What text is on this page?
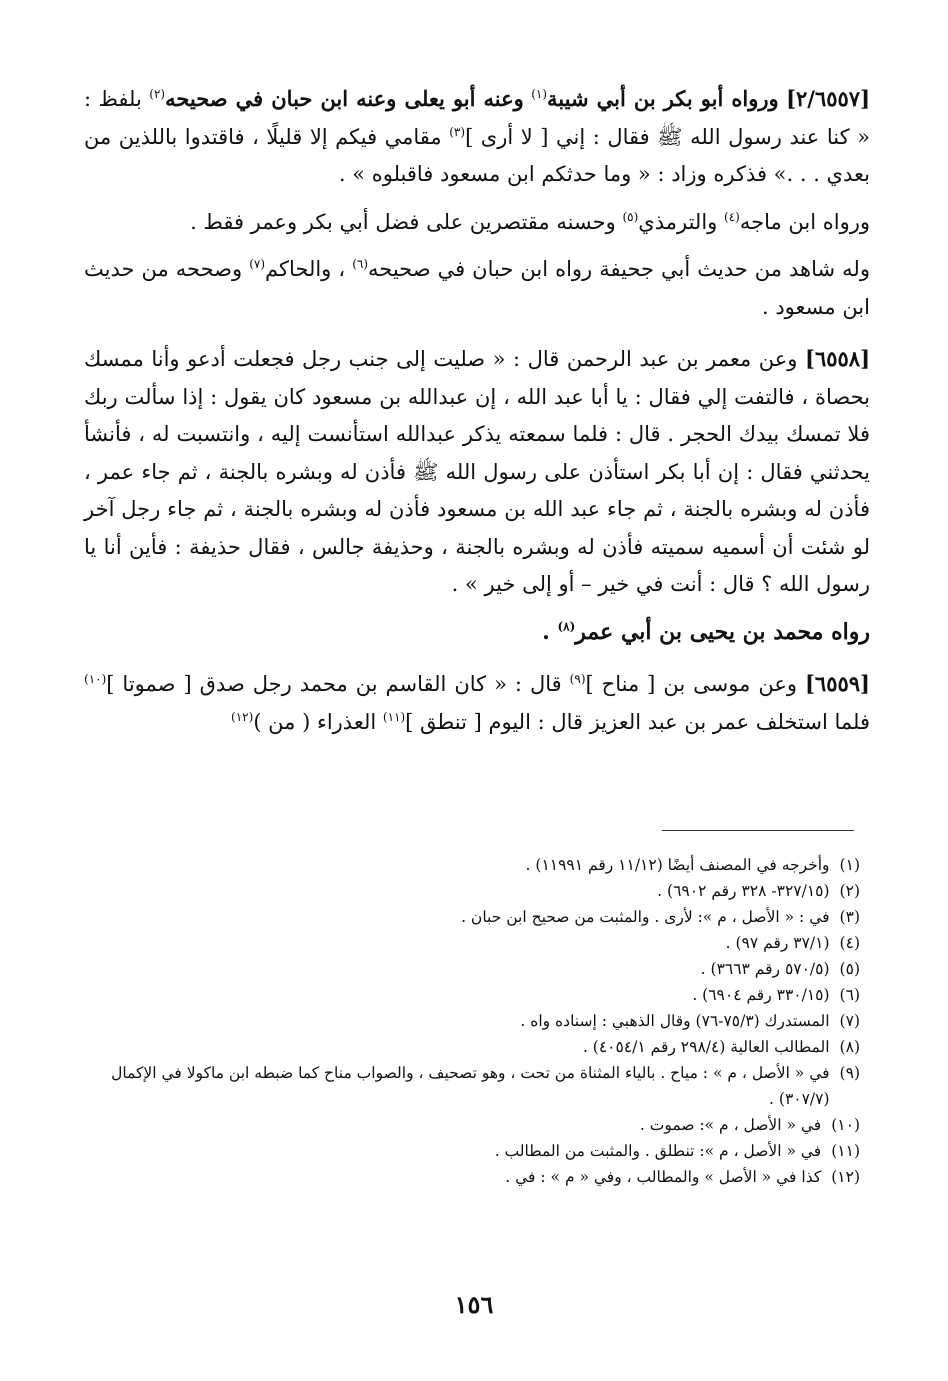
[٢/٦٥٥٧] ورواه أبو بكر بن أبي شيبة$^{(١)}$ وعنه أبو يعلى وعنه ابن حبان في صحيحه$^{(٢)}$ بلفظ : « كنا عند رسول الله ﷺ فقال : إني [ لا أرى ]$^{(٣)}$ مقامي فيكم إلا قليلًا ، فاقتدوا باللذين من بعدي . . .» فذكره وزاد : « وما حدثكم ابن مسعود فاقبلوه » .

ورواه ابن ماجه$^{(٤)}$ والترمذي$^{(٥)}$ وحسنه مقتصرين على فضل أبي بكر وعمر فقط .

وله شاهد من حديث أبي جحيفة رواه ابن حبان في صحيحه$^{(٦)}$ ، والحاكم$^{(٧)}$ وصححه من حديث ابن مسعود .

[٦٥٥٨] وعن معمر بن عبد الرحمن قال : « صليت إلى جنب رجل فجعلت أدعو وأنا ممسك بحصاة ، فالتفت إلي فقال : يا أبا عبد الله ، إن عبدالله بن مسعود كان يقول : إذا سألت ربك فلا تمسك بيدك الحجر . قال : فلما سمعته يذكر عبدالله استأنست إليه ، وانتسبت له ، فأنشأ يحدثني فقال : إن أبا بكر استأذن على رسول الله ﷺ فأذن له وبشره بالجنة ، ثم جاء عمر ، فأذن له وبشره بالجنة ، ثم جاء عبد الله بن مسعود فأذن له وبشره بالجنة ، ثم جاء رجل آخر لو شئت أن أسميه سميته فأذن له وبشره بالجنة ، وحذيفة جالس ، فقال حذيفة : فأين أنا يا رسول الله ؟ قال : أنت في خير – أو إلى خير » .

رواه محمد بن يحيى بن أبي عمر$^{(٨)}$ .

[٦٥٥٩] وعن موسى بن [ مناح ]$^{(٩)}$ قال : « كان القاسم بن محمد رجل صدق [ صموتا ]$^{(١٠)}$ فلما استخلف عمر بن عبد العزيز قال : اليوم [ تنطق ]$^{(١١)}$ العذراء ( من )$^{(١٢)}$

(١)
وأخرجه في المصنف أيضًا (١١/١٢ رقم ١١٩٩١) .
(٢)
(٣٢٧/١٥- ٣٢٨ رقم ٦٩٠٢) .
(٣)
في : « الأصل ، م »: لأرى . والمثبت من صحيح ابن حبان .
(٤)
(٣٧/١ رقم ٩٧) .
(٥)
(٥٧٠/٥ رقم ٣٦٦٣) .
(٦)
(٣٣٠/١٥ رقم ٦٩٠٤) .
(٧)
المستدرك (٧٥/٣-٧٦) وقال الذهبي : إسناده واه .
(٨)
المطالب العالية (٢٩٨/٤ رقم ٤٠٥٤/١) .
(٩)
في « الأصل ، م » : مياح . بالياء المثناة من تحت ، وهو تصحيف ، والصواب مناح كما ضبطه ابن ماكولا في الإكمال (٣٠٧/٧) .
(١٠)
في « الأصل ، م »: صموت .
(١١)
في « الأصل ، م »: تنطلق . والمثبت من المطالب .
(١٢)
كذا في « الأصل » والمطالب ، وفي « م » : في .
١٥٦
